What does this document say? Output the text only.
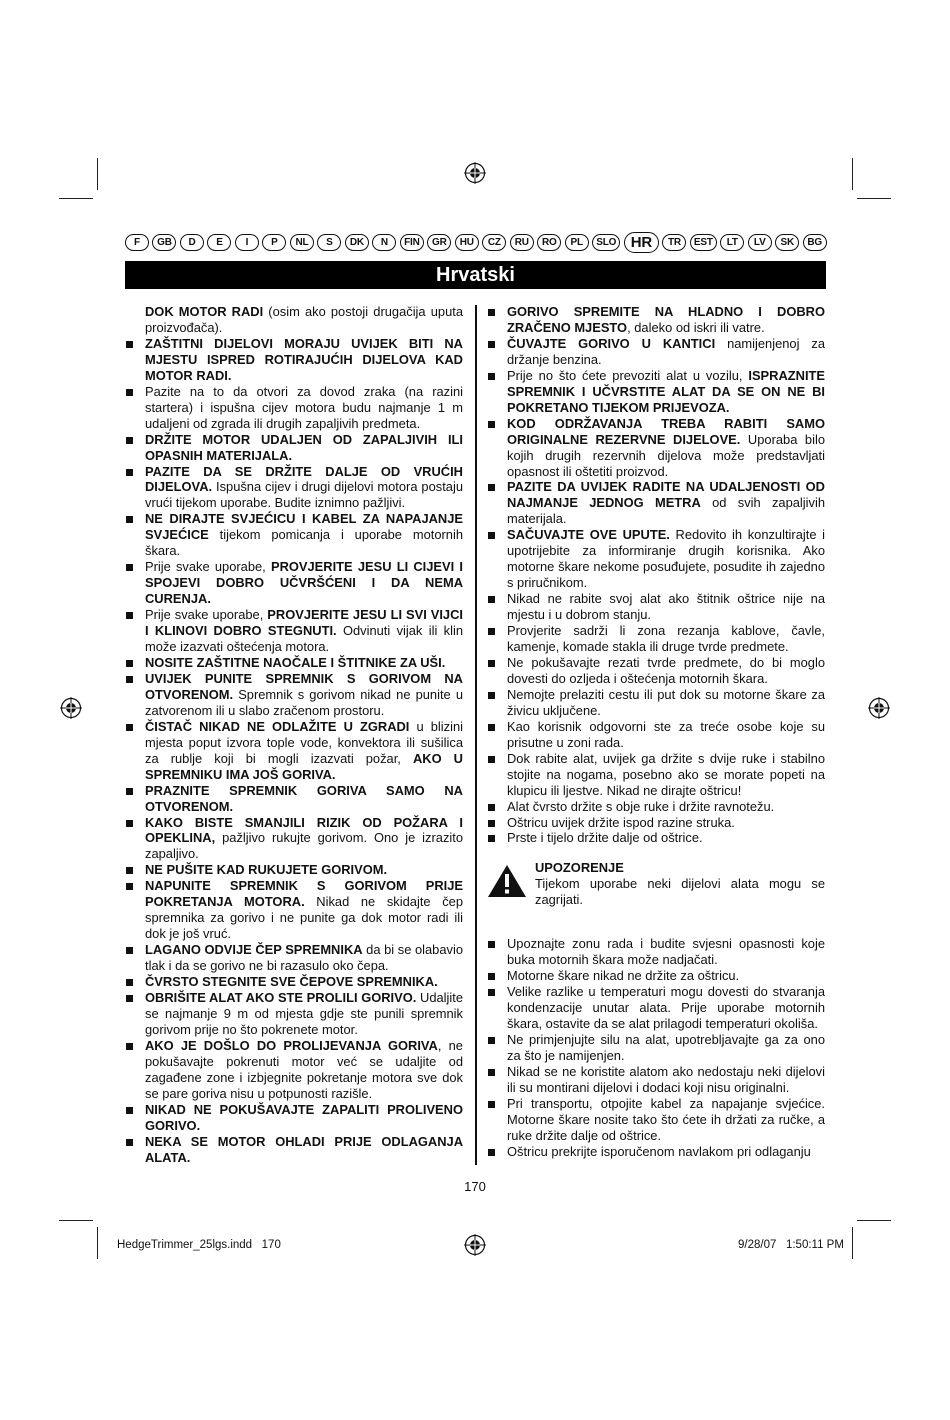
F	GB	D	E	I	P	NL	S	DK	N	FIN	GR	HU	CZ	RU	RO	PL	SLO HR	TR	EST	LT	LV	SK	BG
Hrvatski

DOK MOTOR RADI (osim ako postoji drugačija uputa proizvođača).

ZAŠTITNI DIJELOVI MORAJU UVIJEK BITI NA MJESTU ISPRED ROTIRAJUĆIH DIJELOVA KAD MOTOR RADI.

Pazite na to da otvori za dovod zraka (na razini startera) i ispušna cijev motora budu najmanje 1 m udaljeni od zgrada ili drugih zapaljivih predmeta.

DRŽITE MOTOR UDALJEN OD ZAPALJIVIH ILI OPASNIH MATERIJALA.

PAZITE DA SE DRŽITE DALJE OD VRUĆIH DIJELOVA. Ispušna cijev i drugi dijelovi motora postaju vrući tijekom uporabe. Budite iznimno pažljivi.

NE DIRAJTE SVJEĆICU I KABEL ZA NAPAJANJE SVJEĆICE tijekom pomicanja i uporabe motornih škara.

Prije svake uporabe, PROVJERITE JESU LI CIJEVI I SPOJEVI DOBRO UČVRŠĆENI I DA NEMA CURENJA.

Prije svake uporabe, PROVJERITE JESU LI SVI VIJCI I KLINOVI DOBRO STEGNUTI. Odvinuti vijak ili klin može izazvati oštećenja motora.

NOSITE ZAŠTITNE NAOČALE I ŠTITNIKE ZA UŠI.

UVIJEK PUNITE SPREMNIK S GORIVOM NA OTVORENOM. Spremnik s gorivom nikad ne punite u zatvorenom ili u slabo zračenom prostoru.

ČISTAČ NIKAD NE ODLAŽITE U ZGRADI u blizini mjesta poput izvora tople vode, konvektora ili sušilica za rublje koji bi mogli izazvati požar, AKO U SPREMNIKU IMA JOŠ GORIVA.

PRAZNITE SPREMNIK GORIVA SAMO NA OTVORENOM.

KAKO BISTE SMANJILI RIZIK OD POŽARA I OPEKLINA, pažljivo rukujte gorivom. Ono je izrazito zapaljivo.

NE PUŠITE KAD RUKUJETE GORIVOM.

NAPUNITE SPREMNIK S GORIVOM PRIJE POKRETANJA MOTORA. Nikad ne skidajte čep spremnika za gorivo i ne punite ga dok motor radi ili dok je još vruć.

LAGANO ODVIJE ČEP SPREMNIKA da bi se olabavio tlak i da se gorivo ne bi razasulo oko čepa.

ČVRSTO STEGNITE SVE ČEPOVE SPREMNIKA.

OBRIŠITE ALAT AKO STE PROLILI GORIVO. Udaljite se najmanje 9 m od mjesta gdje ste punili spremnik gorivom prije no što pokrenete motor.

AKO JE DOŠLO DO PROLIJEVANJA GORIVA, ne pokušavajte pokrenuti motor već se udaljite od zagađene zone i izbjegnite pokretanje motora sve dok se pare goriva nisu u potpunosti razišle.

NIKAD NE POKUŠAVAJTE ZAPALITI PROLIVENO GORIVO.

NEKA SE MOTOR OHLADI PRIJE ODLAGANJA ALATA.

GORIVO SPREMITE NA HLADNO I DOBRO ZRAČENO MJESTO, daleko od iskri ili vatre.

ČUVAJTE GORIVO U KANTICI namijenjenoj za držanje benzina.

Prije no što ćete prevoziti alat u vozilu, ISPRAZNITE SPREMNIK I UČVRSTITE ALAT DA SE ON NE BI POKRETANO TIJEKOM PRIJEVOZA.

KOD ODRŽAVANJA TREBA RABITI SAMO ORIGINALNE REZERVNE DIJELOVE. Uporaba bilo kojih drugih rezervnih dijelova može predstavljati opasnost ili oštetiti proizvod.

PAZITE DA UVIJEK RADITE NA UDALJENOSTI OD NAJMANJE JEDNOG METRA od svih zapaljivih materijala.

SAČUVAJTE OVE UPUTE. Redovito ih konzultirajte i upotrijebite za informiranje drugih korisnika. Ako motorne škare nekome posuđujete, posudite ih zajedno s priručnikom.

Nikad ne rabite svoj alat ako štitnik oštrice nije na mjestu i u dobrom stanju.

Provjerite sadrži li zona rezanja kablove, čavle, kamenje, komade stakla ili druge tvrde predmete.

Ne pokušavajte rezati tvrde predmete, do bi moglo dovesti do ozljeda i oštećenja motornih škara.

Nemojte prelaziti cestu ili put dok su motorne škare za živicu uključene.

Kao korisnik odgovorni ste za treće osobe koje su prisutne u zoni rada.

Dok rabite alat, uvijek ga držite s dvije ruke i stabilno stojite na nogama, posebno ako se morate popeti na klupicu ili ljestve. Nikad ne dirajte oštricu!

Alat čvrsto držite s obje ruke i držite ravnotežu.

Oštricu uvijek držite ispod razine struka.

Prste i tijelo držite dalje od oštrice.

UPOZORENJE
Tijekom uporabe neki dijelovi alata mogu se zagrijati.

Upoznajte zonu rada i budite svjesni opasnosti koje buka motornih škara može nadjačati.

Motorne škare nikad ne držite za oštricu.

Velike razlike u temperaturi mogu dovesti do stvaranja kondenzacije unutar alata. Prije uporabe motornih škara, ostavite da se alat prilagodi temperaturi okoliša.

Ne primjenjujte silu na alat, upotrebljavajte ga za ono za što je namijenjen.

Nikad se ne koristite alatom ako nedostaju neki dijelovi ili su montirani dijelovi i dodaci koji nisu originalni.

Pri transportu, otpojite kabel za napajanje svjećice. Motorne škare nosite tako što ćete ih držati za ručke, a ruke držite dalje od oštrice.

Oštricu prekrijte isporučenom navlakom pri odlaganju

170
HedgeTrimmer_25lgs.indd   170	9/28/07   1:50:11 PM
